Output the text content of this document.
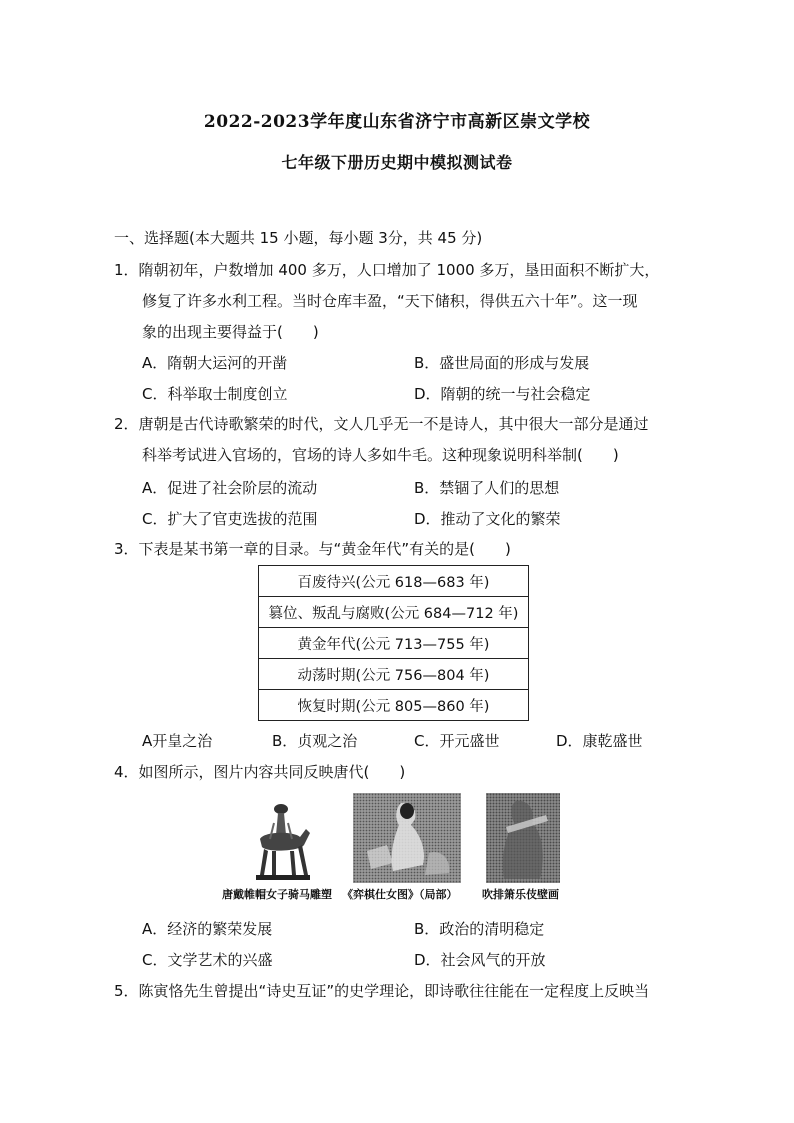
2022-2023学年度山东省济宁市高新区崇文学校
七年级下册历史期中模拟测试卷
一、选择题(本大题共 15 小题，每小题 3分，共 45 分)
1．隋朝初年，户数增加 400 多万，人口增加了 1000 多万，垦田面积不断扩大，
修复了许多水利工程。当时仓库丰盈，“天下储积，得供五六十年”。这一现
象的出现主要得益于(　　)
A．隋朝大运河的开凿	B．盛世局面的形成与发展
C．科举取士制度创立	D．隋朝的统一与社会稳定
2．唐朝是古代诗歌繁荣的时代，文人几乎无一不是诗人，其中很大一部分是通过
科举考试进入官场的，官场的诗人多如牛毛。这种现象说明科举制(　　)
A．促进了社会阶层的流动	B．禁锢了人们的思想
C．扩大了官吏选拔的范围	D．推动了文化的繁荣
3．下表是某书第一章的目录。与“黄金年代”有关的是(　　)
百废待兴(公元 618—683 年)
篡位、叛乱与腐败(公元 684—712 年)
黄金年代(公元 713—755 年)
动荡时期(公元 756—804 年)
恢复时期(公元 805—860 年)
A开皇之治	B．贞观之治	C．开元盛世	D．康乾盛世
4．如图所示，图片内容共同反映唐代(　　)
唐戴帷帽女子骑马雕塑 《弈棋仕女图》（局部） 吹排箫乐伎壁画
A．经济的繁荣发展	B．政治的清明稳定
C．文学艺术的兴盛	D．社会风气的开放
5．陈寅恪先生曾提出“诗史互证”的史学理论，即诗歌往往能在一定程度上反映当
